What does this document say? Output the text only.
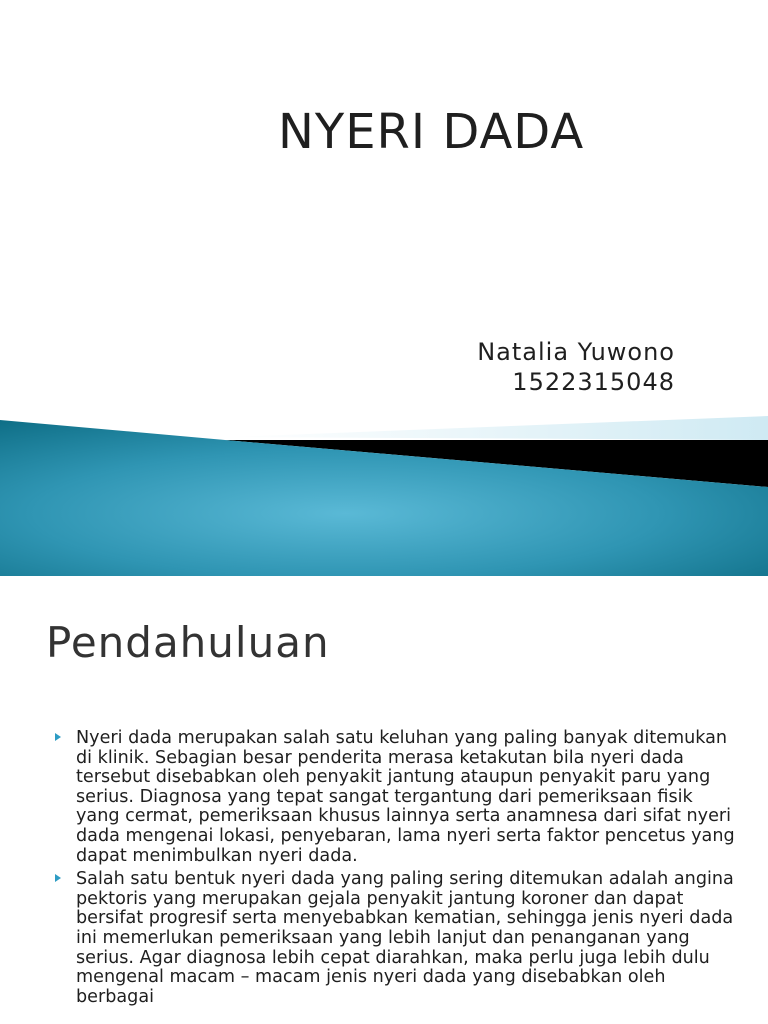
NYERI DADA
Natalia Yuwono
1522315048
Pendahuluan
Nyeri dada merupakan salah satu keluhan yang paling banyak ditemukan di klinik. Sebagian besar penderita merasa ketakutan bila nyeri dada tersebut disebabkan oleh penyakit jantung ataupun penyakit paru yang serius. Diagnosa yang tepat sangat tergantung dari pemeriksaan fisik yang cermat, pemeriksaan khusus lainnya serta anamnesa dari sifat nyeri dada mengenai lokasi, penyebaran, lama nyeri serta faktor pencetus yang dapat menimbulkan nyeri dada.
Salah satu bentuk nyeri dada yang paling sering ditemukan adalah angina pektoris yang merupakan gejala penyakit jantung koroner dan dapat bersifat progresif serta menyebabkan kematian, sehingga jenis nyeri dada ini memerlukan pemeriksaan yang lebih lanjut dan penanganan yang serius. Agar diagnosa lebih cepat diarahkan, maka perlu juga lebih dulu mengenal macam – macam jenis nyeri dada yang disebabkan oleh berbagai
